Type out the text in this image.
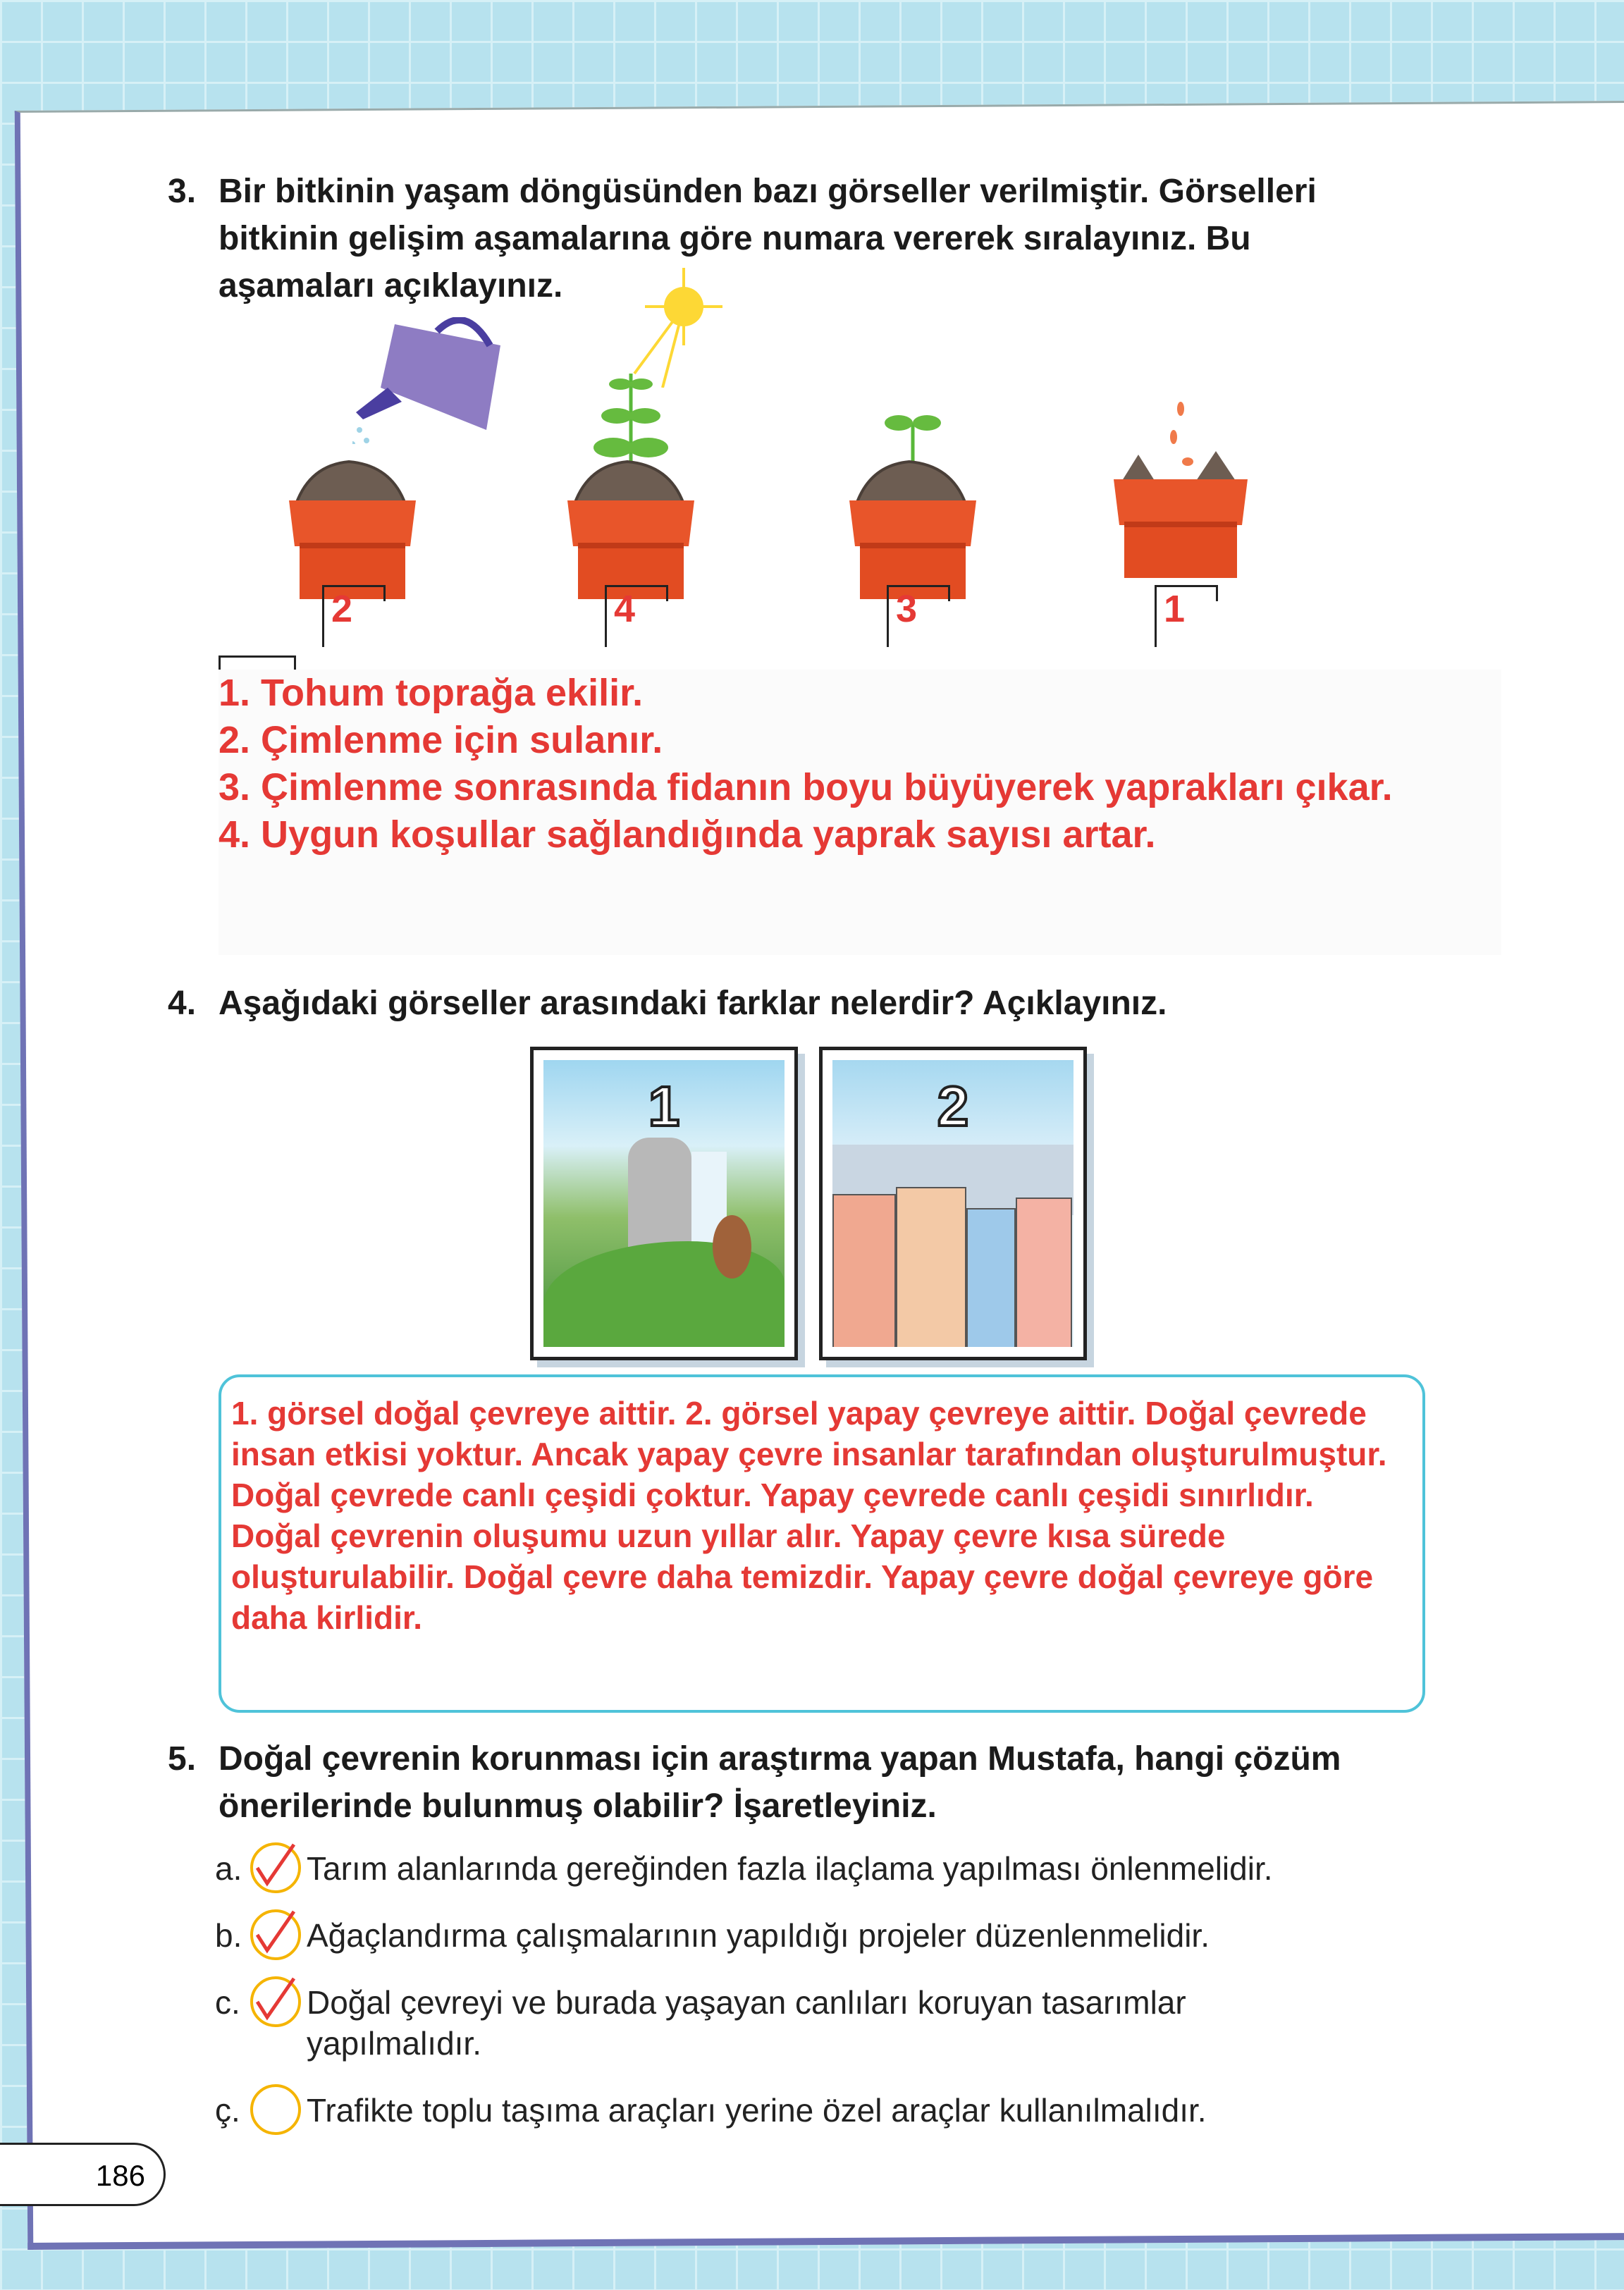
3. Bir bitkinin yaşam döngüsünden bazı görseller verilmiştir. Görselleri
bitkinin gelişim aşamalarına göre numara vererek sıralayınız. Bu
aşamaları açıklayınız.
2	4	3	1
1. Tohum toprağa ekilir.
2. Çimlenme için sulanır.
3. Çimlenme sonrasında fidanın boyu büyüyerek yaprakları çıkar.
4. Uygun koşullar sağlandığında yaprak sayısı artar.
4. Aşağıdaki görseller arasındaki farklar nelerdir? Açıklayınız.
1	2

1. görsel doğal çevreye aittir. 2. görsel yapay çevreye aittir. Doğal çevrede insan etkisi yoktur. Ancak yapay çevre insanlar tarafından oluşturulmuştur. Doğal çevrede canlı çeşidi çoktur. Yapay çevrede canlı çeşidi sınırlıdır. Doğal çevrenin oluşumu uzun yıllar alır. Yapay çevre kısa sürede oluşturulabilir. Doğal çevre daha temizdir. Yapay çevre doğal çevreye göre daha kirlidir.

5. Doğal çevrenin korunması için araştırma yapan Mustafa, hangi çözüm
önerilerinde bulunmuş olabilir? İşaretleyiniz.
a. Tarım alanlarında gereğinden fazla ilaçlama yapılması önlenmelidir.
b. Ağaçlandırma çalışmalarının yapıldığı projeler düzenlenmelidir.
c. Doğal çevreyi ve burada yaşayan canlıları koruyan tasarımlar
yapılmalıdır.
ç. Trafikte toplu taşıma araçları yerine özel araçlar kullanılmalıdır.
186
